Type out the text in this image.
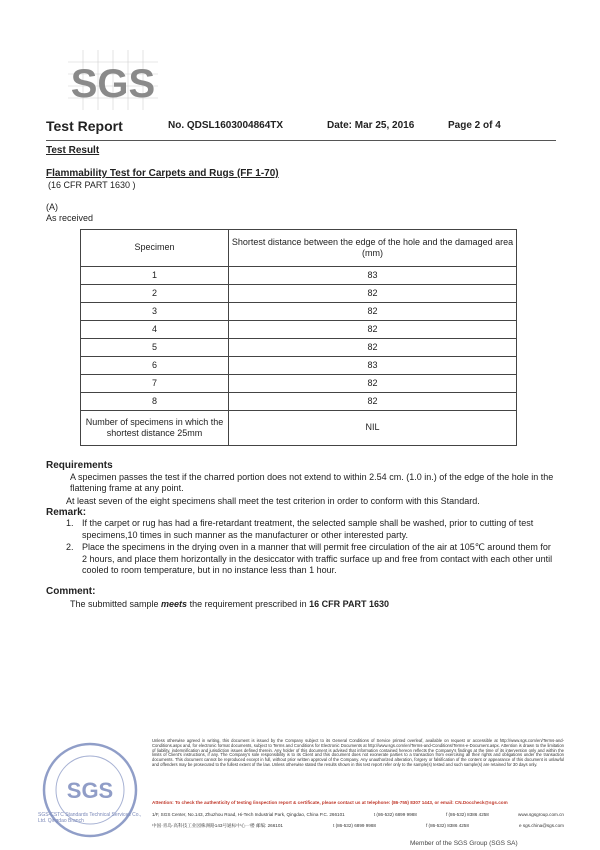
SGS
Test Report	No. QDSL1603004864TX	Date: Mar 25, 2016	Page 2 of 4
Test Result
Flammability Test for Carpets and Rugs (FF 1-70)
(16 CFR PART 1630 )
(A)
As received
Specimen	Shortest distance between the edge of the hole and the damaged area (mm)
1	83
2	82
3	82
4	82
5	82
6	83
7	82
8	82
Number of specimens in which the shortest distance 25mm	NIL
Requirements
A specimen passes the test if the charred portion does not extend to within 2.54 cm. (1.0 in.) of the edge of the hole in the flattening frame at any point.
At least seven of the eight specimens shall meet the test criterion in order to conform with this Standard.
Remark:
1. If the carpet or rug has had a fire-retardant treatment, the selected sample shall be washed, prior to cutting of test specimens,10 times in such manner as the manufacturer or other interested party.
2. Place the specimens in the drying oven in a manner that will permit free circulation of the air at 105℃ around them for 2 hours, and place them horizontally in the desiccator with traffic surface up and free from contact with each other until cooled to room temperature, but in no instance less than 1 hour.
Comment:
The submitted sample meets the requirement prescribed in 16 CFR PART 1630
SGS
SGS-CSTC Standards Technical Services Co., Ltd. Qingdao Branch
Unless otherwise agreed in writing, this document is issued by the Company subject to its General Conditions of Service printed overleaf, available on request or accessible at http://www.sgs.com/en/Terms-and-Conditions.aspx and, for electronic format documents, subject to Terms and Conditions for Electronic Documents at http://www.sgs.com/en/Terms-and-Conditions/Terms-e-Document.aspx. Attention is drawn to the limitation of liability, indemnification and jurisdiction issues defined therein. Any holder of this document is advised that information contained hereon reflects the Company's findings at the time of its intervention only and within the limits of Client's instructions, if any. The Company's sole responsibility is to its Client and this document does not exonerate parties to a transaction from exercising all their rights and obligations under the transaction documents. This document cannot be reproduced except in full, without prior written approval of the Company. Any unauthorized alteration, forgery or falsification of the content or appearance of this document is unlawful and offenders may be prosecuted to the fullest extent of the law. Unless otherwise stated the results shown in this test report refer only to the sample(s) tested and such sample(s) are retained for 30 days only.
Attention: To check the authenticity of testing /inspection report & certificate, please contact us at telephone: (86-755) 8307 1443, or email: CN.Doccheck@sgs.com
1/F, SGS Center, No.143, Zhuzhou Road, Hi-Tech Industrial Park, Qingdao, China P.C. 266101	t (86-532) 6899 9988	f (86-532) 8386 4258	www.sgsgroup.com.cn
中国·青岛·高科技工业园株洲路143号通标中心一楼 邮编: 266101	t (86-532) 6899 9988	f (86-532) 8386 4258	e sgs.china@sgs.com
Member of the SGS Group (SGS SA)
